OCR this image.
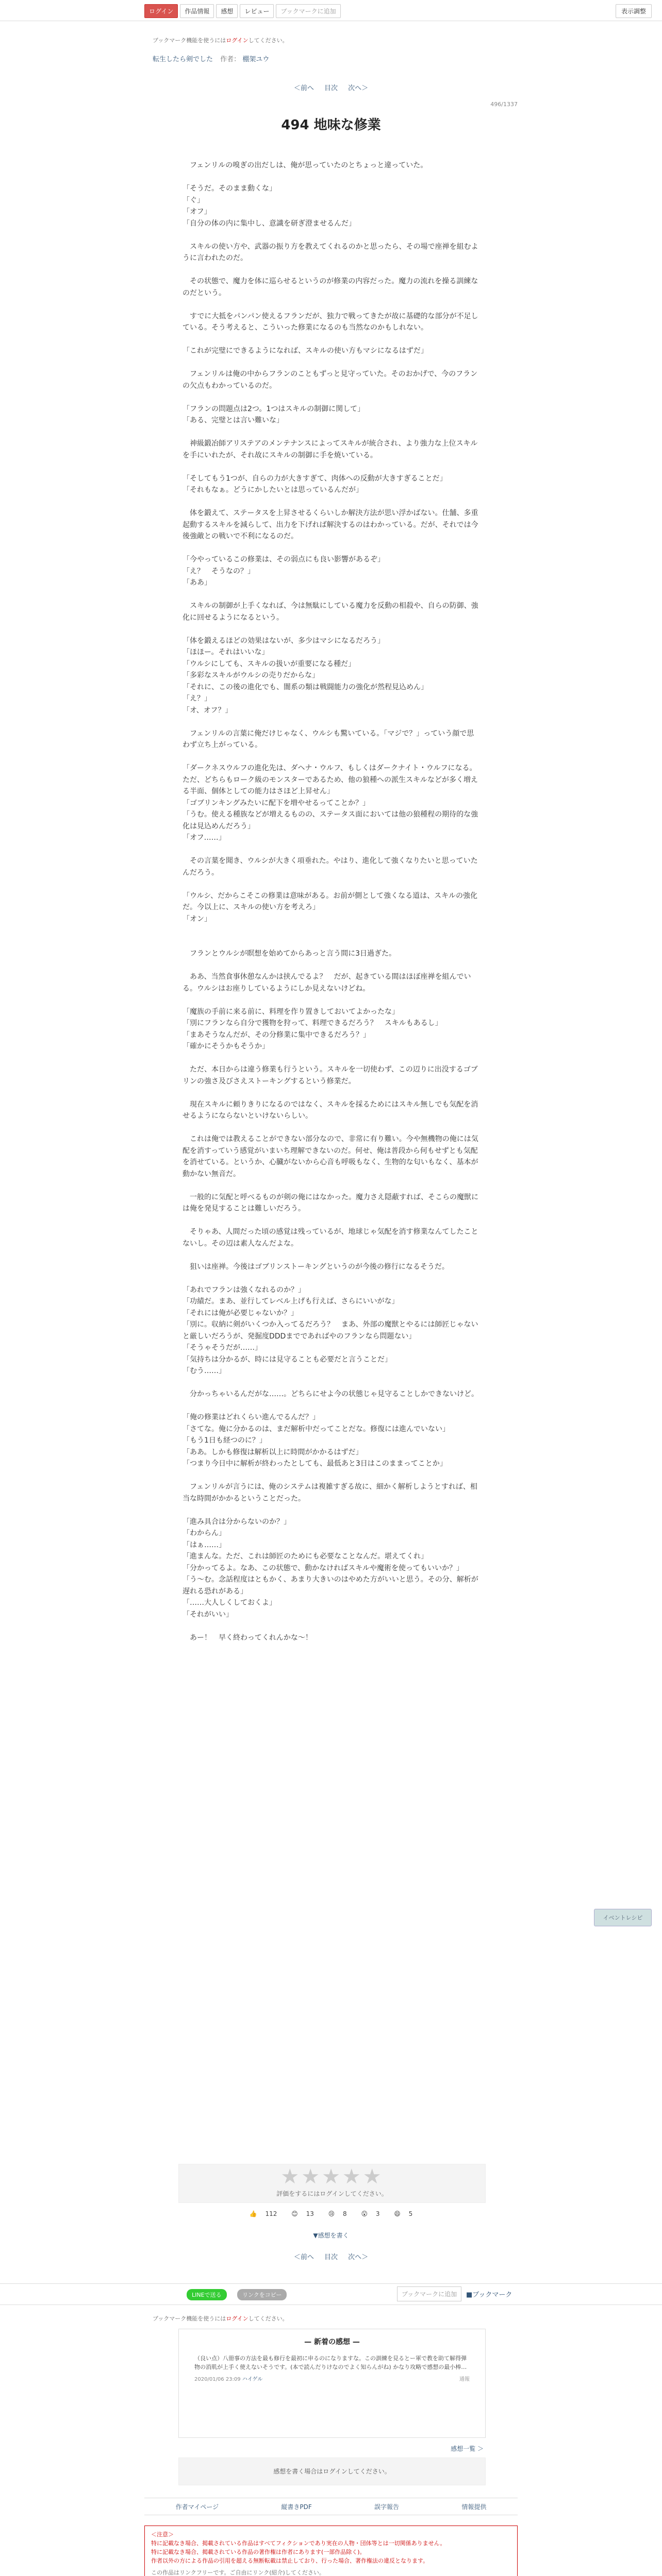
ログイン	作品情報	感想	レビュー	ブックマークに追加	表示調整
ブックマーク機能を使うにはログインしてください。
転生したら剣でした 作者： 棚架ユウ
＜前へ 目次 次へ＞
496/1337
494 地味な修業

　フェンリルの嗅ぎの出だしは、俺が思っていたのとちょっと違っていた。

「そうだ。そのまま動くな」

「ぐ」

「オフ」

「自分の体の内に集中し、意識を研ぎ澄ませるんだ」

　スキルの使い方や、武器の振り方を教えてくれるのかと思ったら、その場で座禅を組むように言われたのだ。

　その状態で、魔力を体に巡らせるというのが修業の内容だった。魔力の流れを操る訓練なのだという。

　すでに大抵をパンパン使えるフランだが、独力で戦ってきたが故に基礎的な部分が不足している。そう考えると、こういった修業になるのも当然なのかもしれない。

「これが完璧にできるようになれば、スキルの使い方もマシになるはずだ」

　フェンリルは俺の中からフランのこともずっと見守っていた。そのおかげで、今のフランの欠点もわかっているのだ。

「フランの問題点は2つ。1つはスキルの制御に関して」

「ある、完璧とは言い難いな」

　神級鍛冶師アリステアのメンテナンスによってスキルが統合され、より強力な上位スキルを手にいれたが、それ故にスキルの制御に手を焼いている。

「そしてもう1つが、自らの力が大きすぎて、肉体への反動が大きすぎることだ」

「それもなぁ。どうにかしたいとは思っているんだが」

　体を鍛えて、ステータスを上昇させるくらいしか解決方法が思い浮かばない。仕舗、多重起動するスキルを減らして、出力を下げれば解決するのはわかっている。だが、それでは今後強敵との戦いで不利になるのだ。

「今やっているこの修業は、その弱点にも良い影響があるぞ」

「え？　そうなの？」

「ああ」

　スキルの制御が上手くなれば、今は無駄にしている魔力を反動の相殺や、自らの防御、強化に回せるようになるという。

「体を鍛えるほどの効果はないが、多少はマシになるだろう」

「ほほー。それはいいな」

「ウルシにしても、スキルの扱いが重要になる種だ」

「多彩なスキルがウルシの売りだからな」

「それに、この後の進化でも、闇系の類は戦闘能力の強化が然程見込めん」

「え？」

「オ、オフ？」

　フェンリルの言葉に俺だけじゃなく、ウルシも驚いている。「マジで？」っていう顔で思わず立ち上がっている。

「ダークネスウルフの進化先は、ダヘナ・ウルフ、もしくはダークナイト・ウルフになる。ただ、どちらもローク級のモンスターであるため、他の狼種への派生スキルなどが多く増える半面、個体としての能力はさほど上昇せん」

「ゴブリンキングみたいに配下を増やせるってことか？」

「うむ。使える種族などが増えるものの、ステータス面においては他の狼種程の期待的な強化は見込めんだろう」

「オフ……」

　その言葉を聞き、ウルシが大きく項垂れた。やはり、進化して強くなりたいと思っていたんだろう。

「ウルシ、だからこそこの修業は意味がある。お前が側として強くなる道は、スキルの強化だ。今以上に、スキルの使い方を考えろ」

「オン」

　フランとウルシが瞑想を始めてからあっと言う間に3日過ぎた。

　ああ、当然食事休憩なんかは挟んでるよ？　だが、起きている間はほぼ座禅を組んでいる。ウルシはお座りしているようにしか見えないけどね。

「魔族の手前に来る前に、料理を作り置きしておいてよかったな」

「別にフランなら自分で獲物を狩って、料理できるだろう？　スキルもあるし」

「まあそうなんだが、その分修業に集中できるだろう？」

「確かにそうかもそうか」

　ただ、本日からは違う修業も行うという。スキルを一切使わず、この辺りに出没するゴブリンの強さ及びさえストーキングするという修業だ。

　現在スキルに頼りきりになるのではなく、スキルを採るためにはスキル無しでも気配を消せるようにならないといけないらしい。

　これは俺では教えることができない部分なので、非常に有り難い。今や無機物の俺には気配を消すっていう感覚がいまいち理解できないのだ。何せ、俺は普段から何もせずとも気配を消せている。というか、心臓がないから心音も呼吸もなく、生物的な匂いもなく、基本が動かない無音だ。

　一般的に気配と呼べるものが剣の俺にはなかった。魔力さえ隠蔽すれば、そこらの魔獣には俺を発見することは難しいだろう。

　そりゃあ、人間だった頃の感覚は残っているが、地球じゃ気配を消す修業なんてしたことないし。その辺は素人なんだよな。

　狙いは座禅。今後はゴブリンストーキングというのが今後の修行になるそうだ。

「あれでフランは強くなれるのか？」

「功績だ。まあ、並行してレベル上げも行えば、さらにいいがな」

「それには俺が必要じゃないか？」

「別に。収納に剣がいくつか入ってるだろう？　まあ、外部の魔獣とやるには師匠じゃないと厳しいだろうが、発掘度DDDまでであればやのフランなら問題ない」

「そうゃそうだが……」

「気持ちは分かるが、時には見守ることも必要だと言うことだ」

「むう……」

　分かっちゃいるんだがな……。どちらにせよ今の状態じゃ見守ることしかできないけど。

「俺の修業はどれくらい進んでるんだ？」

「さてな。俺に分かるのは、まだ解析中だってことだな。修復には進んでいない」

「もう1日も経つのに？」

「ああ。しかも修復は解析以上に時間がかかるはずだ」

「つまり今日中に解析が終わったとしても、最低あと3日はこのままってことか」

　フェンリルが言うには、俺のシステムは複雑すぎる故に、細かく解析しようとすれば、相当な時間がかかるということだった。

「進み具合は分からないのか？」

「わからん」

「はぁ……」

「進まんな。ただ、これは師匠のためにも必要なことなんだ。堪えてくれ」

「分かってるよ。なあ、この状態で、動かなければスキルや魔術を使ってもいいか？」

「う～む。念話程度はともかく、あまり大きいのはやめた方がいいと思う。その分、解析が遅れる恐れがある」

「……大人しくしておくよ」

「それがいい」

　あー！　早く終わってくれんかな～！

イベントレシピ
★★★★★
評価をするにはログインしてください。
👍 112 😊 13 😢 8 😮 3 😄 5
▼感想を書く
＜前へ 目次 次へ＞
LINEで送る	リンクをコピー	ブックマークに追加	■ブックマーク
ブックマーク機能を使うにはログインしてください。
— 新着の感想 —
（良い点）八冊事の方法を最も修行を最初に申るのになりますな。この訓練を見るとー軍で教を助て解得弾物の消肌が上手く使えないそうです。(本で読んだりけなのでよく知らんがね) かなり攻略で感想の最小棒…
2020/01/06 23:09 ハイゲル	通報
感想一覧 ＞
感想を書く場合はログインしてください。
作者マイページ	縦書きPDF	誤字報告	情報提供
＜注意＞
特に記載なき場合、掲載されている作品はすべてフィクションであり実在の人物・団体等とは一切関係ありません。
特に記載なき場合、掲載されている作品の著作権は作者にあります(一部作品除く)。
作者以外の方による作品の引用を超える無断転載は禁止しており、行った場合、著作権法の違反となります。
この作品はリンクフリーです。ご自由にリンク(紹介)してください。
